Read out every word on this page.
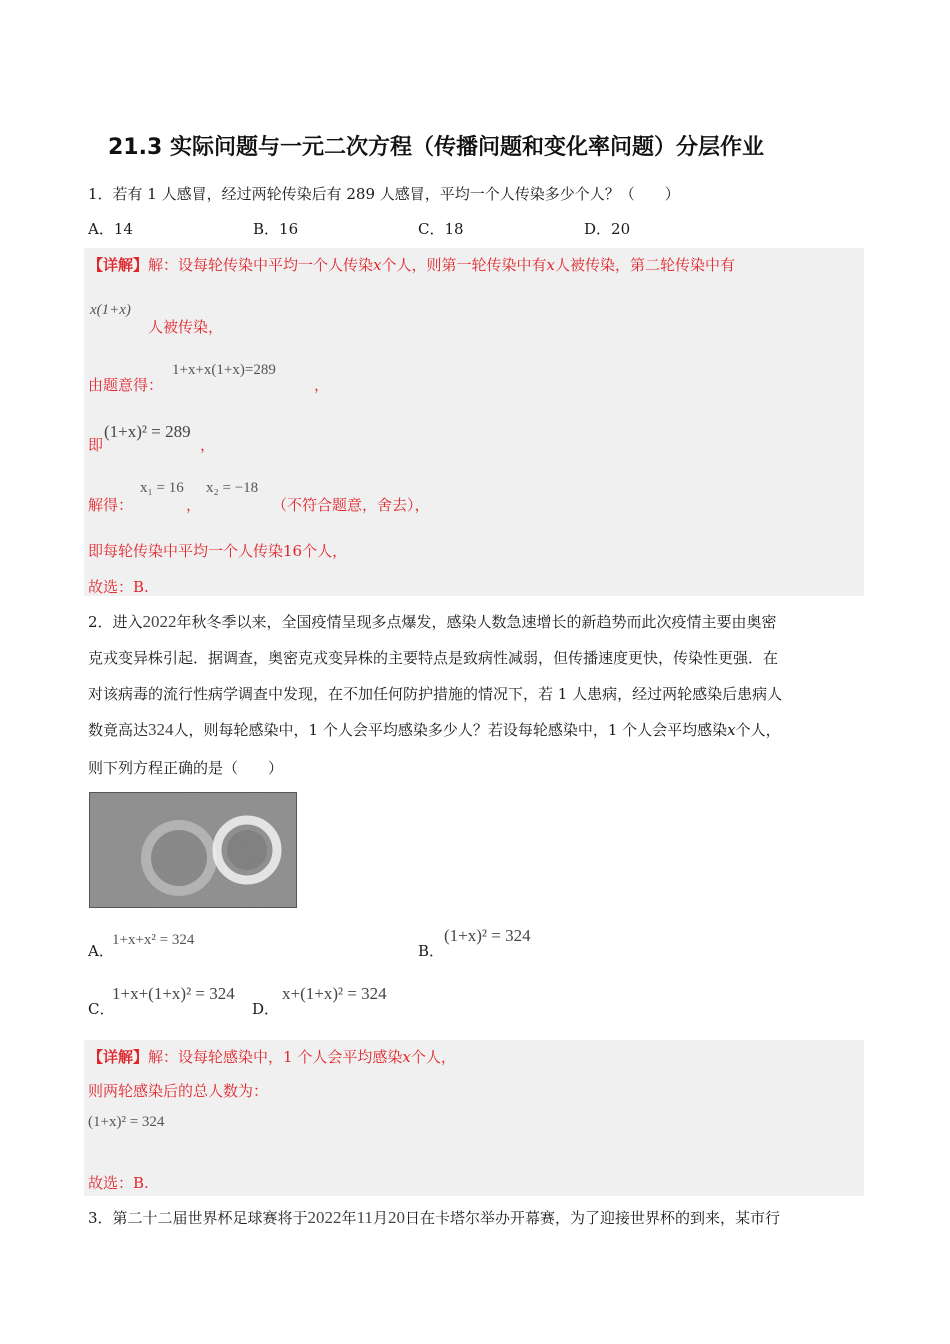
21.3 实际问题与一元二次方程（传播问题和变化率问题）分层作业
1．若有 1 人感冒，经过两轮传染后有 289 人感冒，平均一个人传染多少个人？（　　）
A．14	B．16	C．18	D．20
【详解】解：设每轮传染中平均一个人传染x个人，则第一轮传染中有x人被传染，第二轮传染中有
x(1+x)
人被传染，
由题意得：
1+x+x(1+x)=289
，
即
(1+x)² = 289
，
解得：
x₁ = 16
，
x₂ = −18
（不符合题意，舍去），
即每轮传染中平均一个人传染16个人，
故选：B.
2．进入2022年秋冬季以来，全国疫情呈现多点爆发，感染人数急速增长的新趋势而此次疫情主要由奥密
克戎变异株引起．据调查，奥密克戎变异株的主要特点是致病性减弱，但传播速度更快，传染性更强．在
对该病毒的流行性病学调查中发现，在不加任何防护措施的情况下，若 1 人患病，经过两轮感染后患病人
数竟高达324人，则每轮感染中，1 个人会平均感染多少人？若设每轮感染中，1 个人会平均感染x个人，
则下列方程正确的是（　　）
A．
1+x+x² = 324
B．
(1+x)² = 324
C．
1+x+(1+x)² = 324
D．
x+(1+x)² = 324
【详解】解：设每轮感染中，1 个人会平均感染x个人，
则两轮感染后的总人数为：
(1+x)² = 324
故选：B.
3．第二十二届世界杯足球赛将于2022年11月20日在卡塔尔举办开幕赛，为了迎接世界杯的到来，某市行
